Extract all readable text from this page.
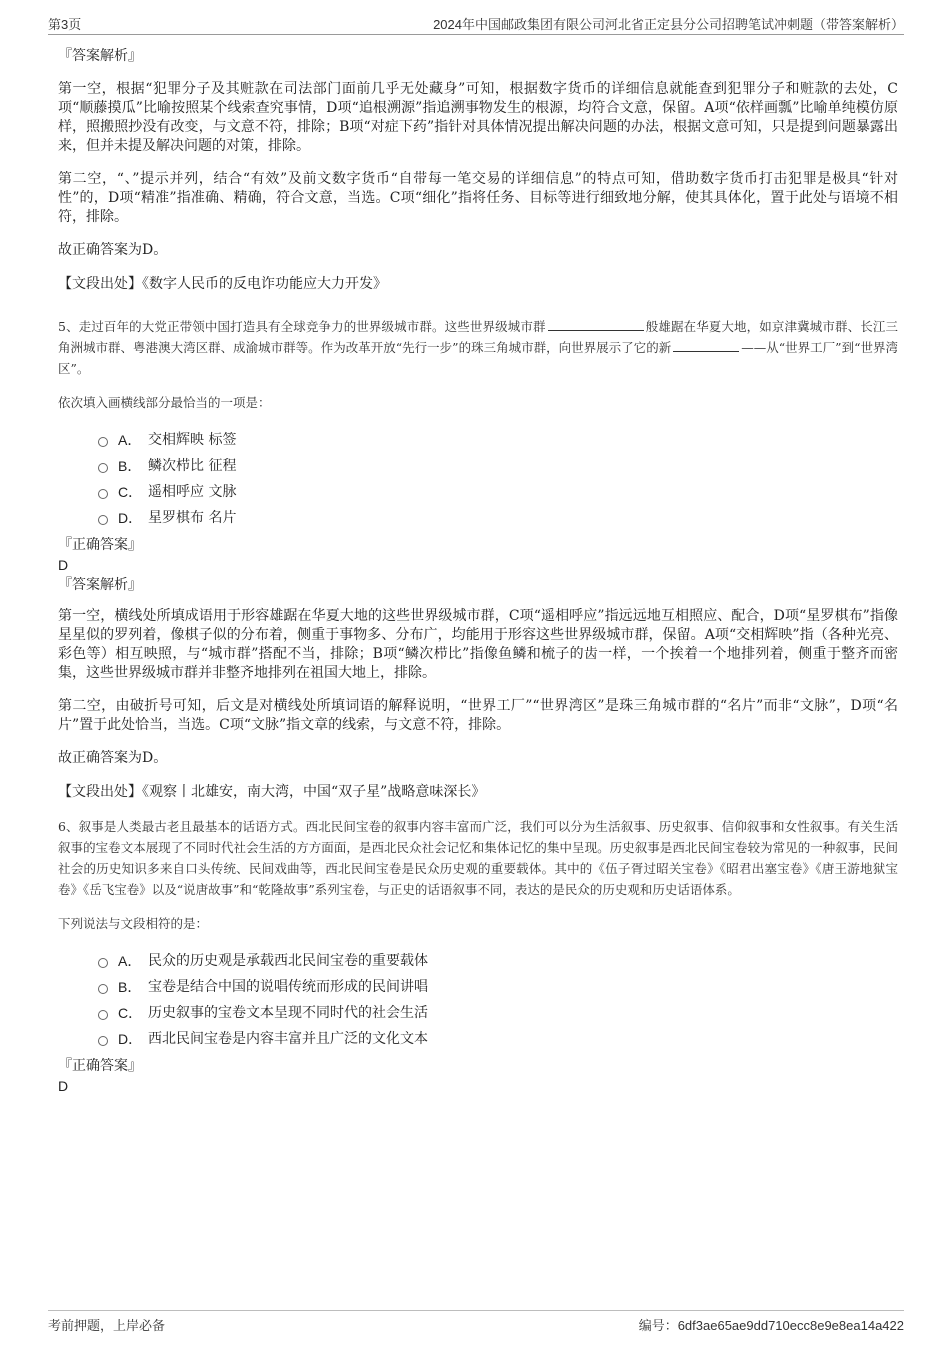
第3页	2024年中国邮政集团有限公司河北省正定县分公司招聘笔试冲刺题（带答案解析）
『答案解析』

第一空，根据“犯罪分子及其赃款在司法部门面前几乎无处藏身”可知，根据数字货币的详细信息就能查到犯罪分子和赃款的去处，C项“顺藤摸瓜”比喻按照某个线索查究事情，D项“追根溯源”指追溯事物发生的根源，均符合文意，保留。A项“依样画瓢”比喻单纯模仿原样，照搬照抄没有改变，与文意不符，排除；B项“对症下药”指针对具体情况提出解决问题的办法，根据文意可知，只是提到问题暴露出来，但并未提及解决问题的对策，排除。

第二空，“、”提示并列，结合“有效”及前文数字货币“自带每一笔交易的详细信息”的特点可知，借助数字货币打击犯罪是极具“针对性”的，D项“精准”指准确、精确，符合文意，当选。C项“细化”指将任务、目标等进行细致地分解，使其具体化，置于此处与语境不相符，排除。

故正确答案为D。

【文段出处】《数字人民币的反电诈功能应大力开发》

5、走过百年的大党正带领中国打造具有全球竞争力的世界级城市群。这些世界级城市群	般雄踞在华夏大地，如京津冀城市群、长江三角洲城市群、粤港澳大湾区群、成渝城市群等。作为改革开放“先行一步”的珠三角城市群，向世界展示了它的新	——从“世界工厂”到“世界湾区”。

依次填入画横线部分最恰当的一项是：
A． 交相辉映 标签
B． 鳞次栉比 征程
C． 遥相呼应 文脉
D． 星罗棋布 名片
『正确答案』
D
『答案解析』

第一空，横线处所填成语用于形容雄踞在华夏大地的这些世界级城市群，C项“遥相呼应”指远远地互相照应、配合，D项“星罗棋布”指像星星似的罗列着，像棋子似的分布着，侧重于事物多、分布广，均能用于形容这些世界级城市群，保留。A项“交相辉映”指（各种光亮、彩色等）相互映照，与“城市群”搭配不当，排除；B项“鳞次栉比”指像鱼鳞和梳子的齿一样，一个挨着一个地排列着，侧重于整齐而密集，这些世界级城市群并非整齐地排列在祖国大地上，排除。

第二空，由破折号可知，后文是对横线处所填词语的解释说明，“世界工厂”“世界湾区”是珠三角城市群的“名片”而非“文脉”，D项“名片”置于此处恰当，当选。C项“文脉”指文章的线索，与文意不符，排除。

故正确答案为D。

【文段出处】《观察丨北雄安，南大湾，中国“双子星”战略意味深长》

6、叙事是人类最古老且最基本的话语方式。西北民间宝卷的叙事内容丰富而广泛，我们可以分为生活叙事、历史叙事、信仰叙事和女性叙事。有关生活叙事的宝卷文本展现了不同时代社会生活的方方面面，是西北民众社会记忆和集体记忆的集中呈现。历史叙事是西北民间宝卷较为常见的一种叙事，民间社会的历史知识多来自口头传统、民间戏曲等，西北民间宝卷是民众历史观的重要载体。其中的《伍子胥过昭关宝卷》《昭君出塞宝卷》《唐王游地狱宝卷》《岳飞宝卷》以及“说唐故事”和“乾隆故事”系列宝卷，与正史的话语叙事不同，表达的是民众的历史观和历史话语体系。

下列说法与文段相符的是：
A． 民众的历史观是承载西北民间宝卷的重要载体
B． 宝卷是结合中国的说唱传统而形成的民间讲唱
C． 历史叙事的宝卷文本呈现不同时代的社会生活
D． 西北民间宝卷是内容丰富并且广泛的文化文本
『正确答案』
D
考前押题，上岸必备	编号：6df3ae65ae9dd710ecc8e9e8ea14a422
